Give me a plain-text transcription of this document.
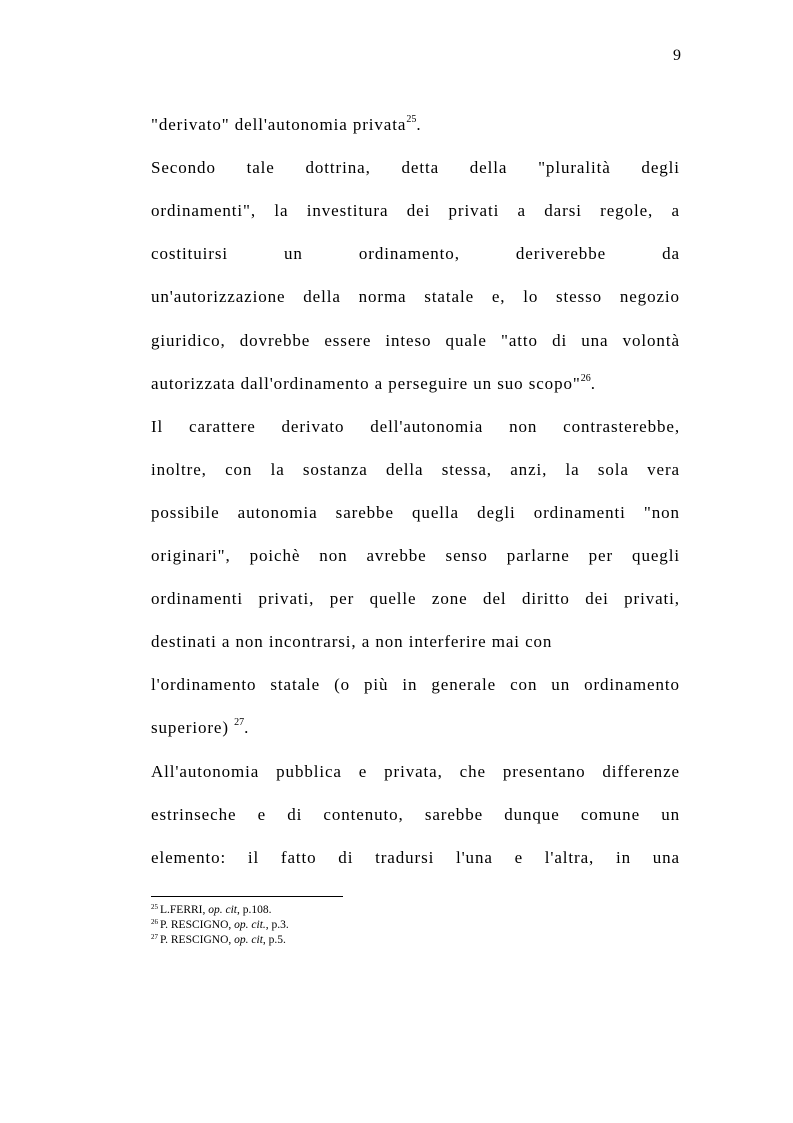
9
"derivato" dell'autonomia privata$^{25}$.
Secondo tale dottrina, detta della "pluralità degli
ordinamenti", la investitura dei privati a darsi regole, a
costituirsi	un	ordinamento,	deriverebbe	da
un'autorizzazione della norma statale e, lo stesso negozio
giuridico, dovrebbe essere inteso quale "atto di una volontà
autorizzata dall'ordinamento a perseguire un suo scopo"$^{26}$.
Il carattere derivato dell'autonomia non contrasterebbe,
inoltre, con la sostanza della stessa, anzi, la sola vera
possibile autonomia sarebbe quella degli ordinamenti "non
originari", poichè non avrebbe senso parlarne per quegli
ordinamenti privati, per quelle zone del diritto dei privati,
destinati a non incontrarsi, a non interferire mai con
l'ordinamento statale (o più in generale con un ordinamento
superiore) $^{27}$.
All'autonomia pubblica e privata, che presentano differenze
estrinseche e di contenuto, sarebbe dunque comune un
elemento: il fatto di tradursi l'una e l'altra, in una
$^{25}$ L.FERRI, op. cit, p.108.
$^{26}$ P. RESCIGNO, op. cit., p.3.
$^{27}$ P. RESCIGNO, op. cit, p.5.
